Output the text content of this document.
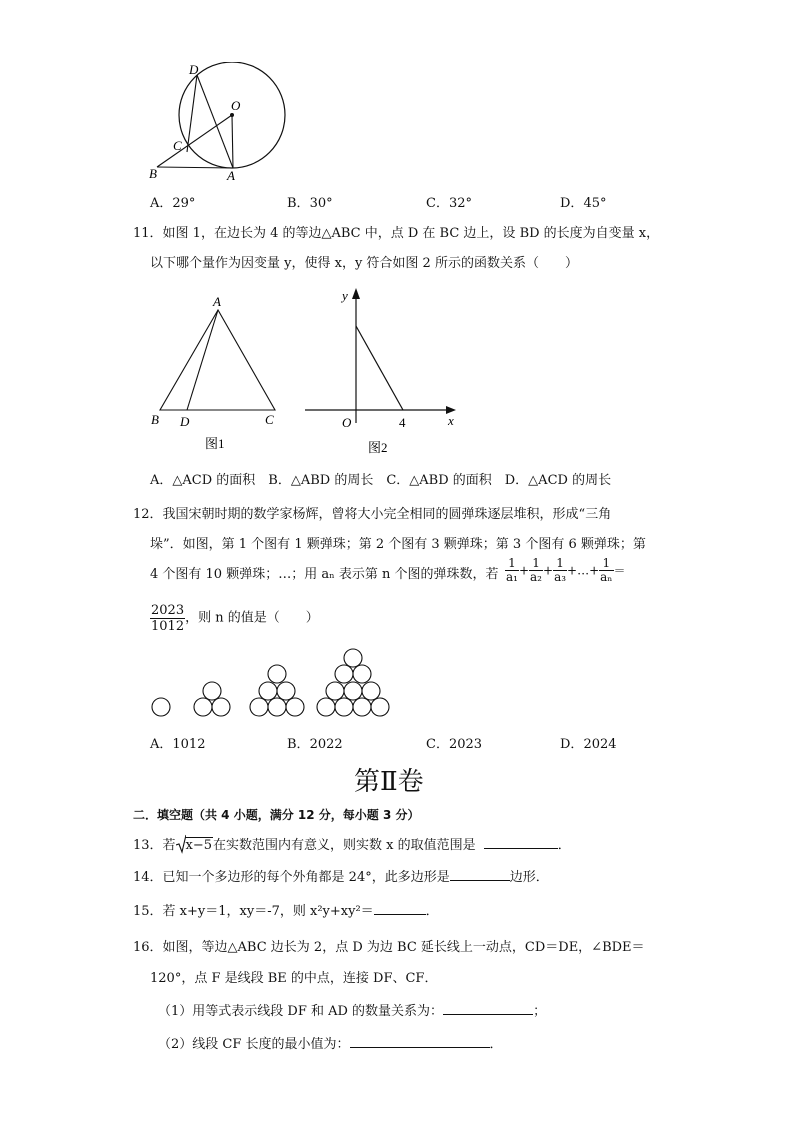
D
O
C
B	A
A．29°	B．30°	C．32°	D．45°
11．如图 1，在边长为 4 的等边△ABC 中，点 D 在 BC 边上，设 BD 的长度为自变量 x，
以下哪个量作为因变量 y，使得 x，y 符合如图 2 所示的函数关系（　　）
A
B D	C
图1
y
x
O	4
图2
A．△ACD 的面积　B．△ABD 的周长　C．△ABD 的面积　D．△ACD 的周长
12．我国宋朝时期的数学家杨辉，曾将大小完全相同的圆弹珠逐层堆积，形成“三角
垛”．如图，第 1 个图有 1 颗弹珠；第 2 个图有 3 颗弹珠；第 3 个图有 6 颗弹珠；第
4 个图有 10 颗弹珠；…；用 aₙ 表示第 n 个图的弹珠数，若 $\frac{1}{\text{a₁}} + \frac{1}{\text{a₂}} + \frac{1}{\text{a₃}}$ +…+ $\frac{1}{\text{aₙ}}$ ＝
$\frac{2023}{1012}$ ，则 n 的值是（　　）
A．1012	B．2022	C．2023	D．2024
第Ⅱ卷
二．填空题（共 4 小题，满分 12 分，每小题 3 分）
13．若 x−5在实数范围内有意义，则实数 x 的取值范围是	．
14．已知一个多边形的每个外角都是 24°，此多边形是	边形．
15．若 x+y＝1，xy＝-7，则 x²y+xy²＝	．
16．如图，等边△ABC 边长为 2，点 D 为边 BC 延长线上一动点，CD＝DE，∠BDE＝
120°，点 F 是线段 BE 的中点，连接 DF、CF．
（1）用等式表示线段 DF 和 AD 的数量关系为：	；
（2）线段 CF 长度的最小值为：	．
